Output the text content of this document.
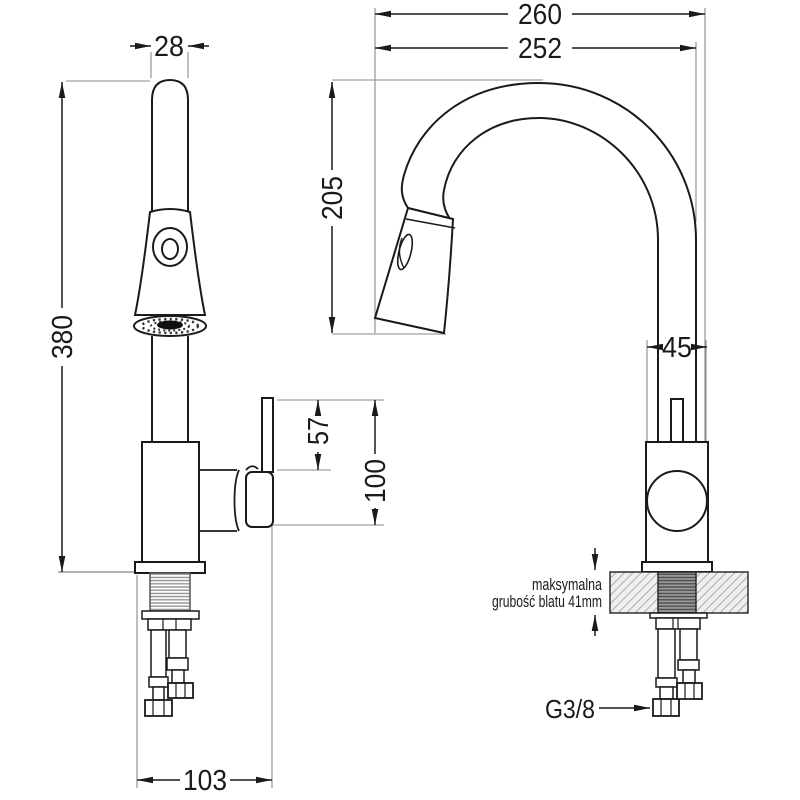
260
252
28
380
205
57
100
103
45
maksymalna
grubość blatu 41mm
G3/8
